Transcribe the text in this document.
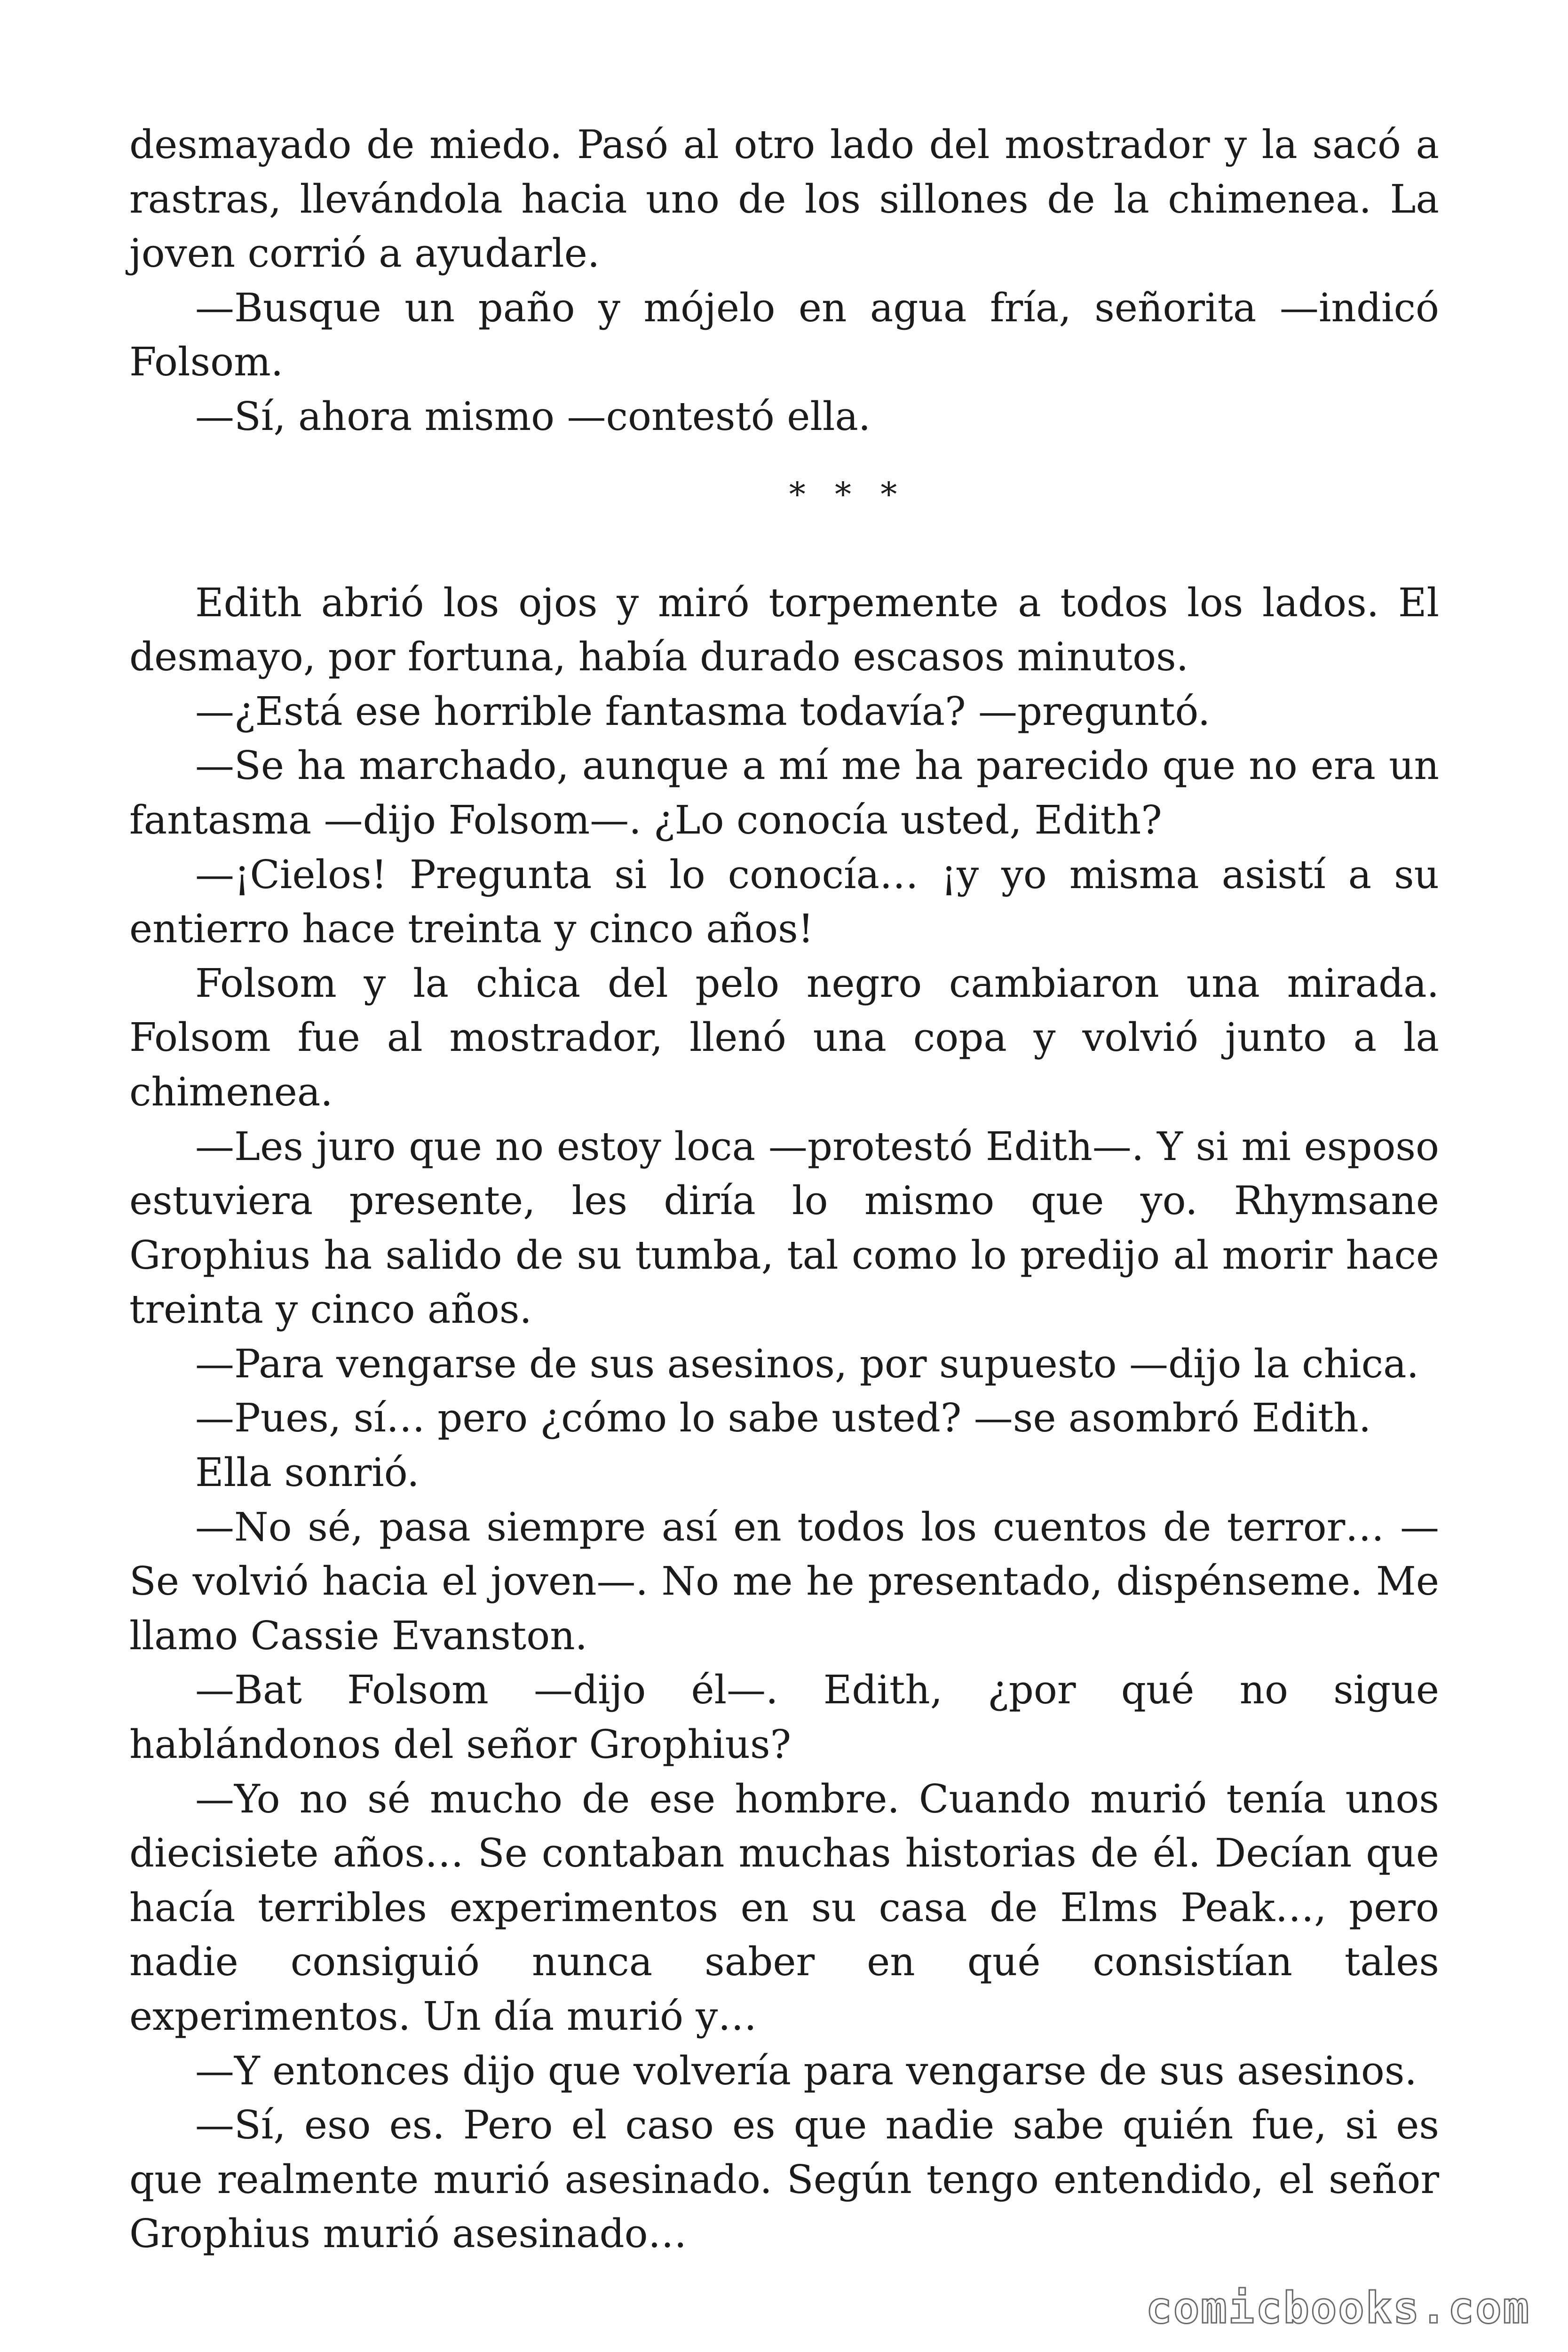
desmayado de miedo. Pasó al otro lado del mostrador y la sacó a rastras, llevándola hacia uno de los sillones de la chimenea. La joven corrió a ayudarle.

—Busque un paño y mójelo en agua fría, señorita —indicó Folsom.

—Sí, ahora mismo —contestó ella.

* * *

Edith abrió los ojos y miró torpemente a todos los lados. El desmayo, por fortuna, había durado escasos minutos.

—¿Está ese horrible fantasma todavía? —preguntó.

—Se ha marchado, aunque a mí me ha parecido que no era un fantasma —dijo Folsom—. ¿Lo conocía usted, Edith?

—¡Cielos! Pregunta si lo conocía… ¡y yo misma asistí a su entierro hace treinta y cinco años!

Folsom y la chica del pelo negro cambiaron una mirada. Folsom fue al mostrador, llenó una copa y volvió junto a la chimenea.

—Les juro que no estoy loca —protestó Edith—. Y si mi esposo estuviera presente, les diría lo mismo que yo. Rhymsane Grophius ha salido de su tumba, tal como lo predijo al morir hace treinta y cinco años.

—Para vengarse de sus asesinos, por supuesto —dijo la chica.

—Pues, sí… pero ¿cómo lo sabe usted? —se asombró Edith.

Ella sonrió.

—No sé, pasa siempre así en todos los cuentos de terror… —Se volvió hacia el joven—. No me he presentado, dispénseme. Me llamo Cassie Evanston.

—Bat Folsom —dijo él—. Edith, ¿por qué no sigue hablándonos del señor Grophius?

—Yo no sé mucho de ese hombre. Cuando murió tenía unos diecisiete años… Se contaban muchas historias de él. Decían que hacía terribles experimentos en su casa de Elms Peak…, pero nadie consiguió nunca saber en qué consistían tales experimentos. Un día murió y…

—Y entonces dijo que volvería para vengarse de sus asesinos.

—Sí, eso es. Pero el caso es que nadie sabe quién fue, si es que realmente murió asesinado. Según tengo entendido, el señor Grophius murió asesinado…

comicbooks.com
